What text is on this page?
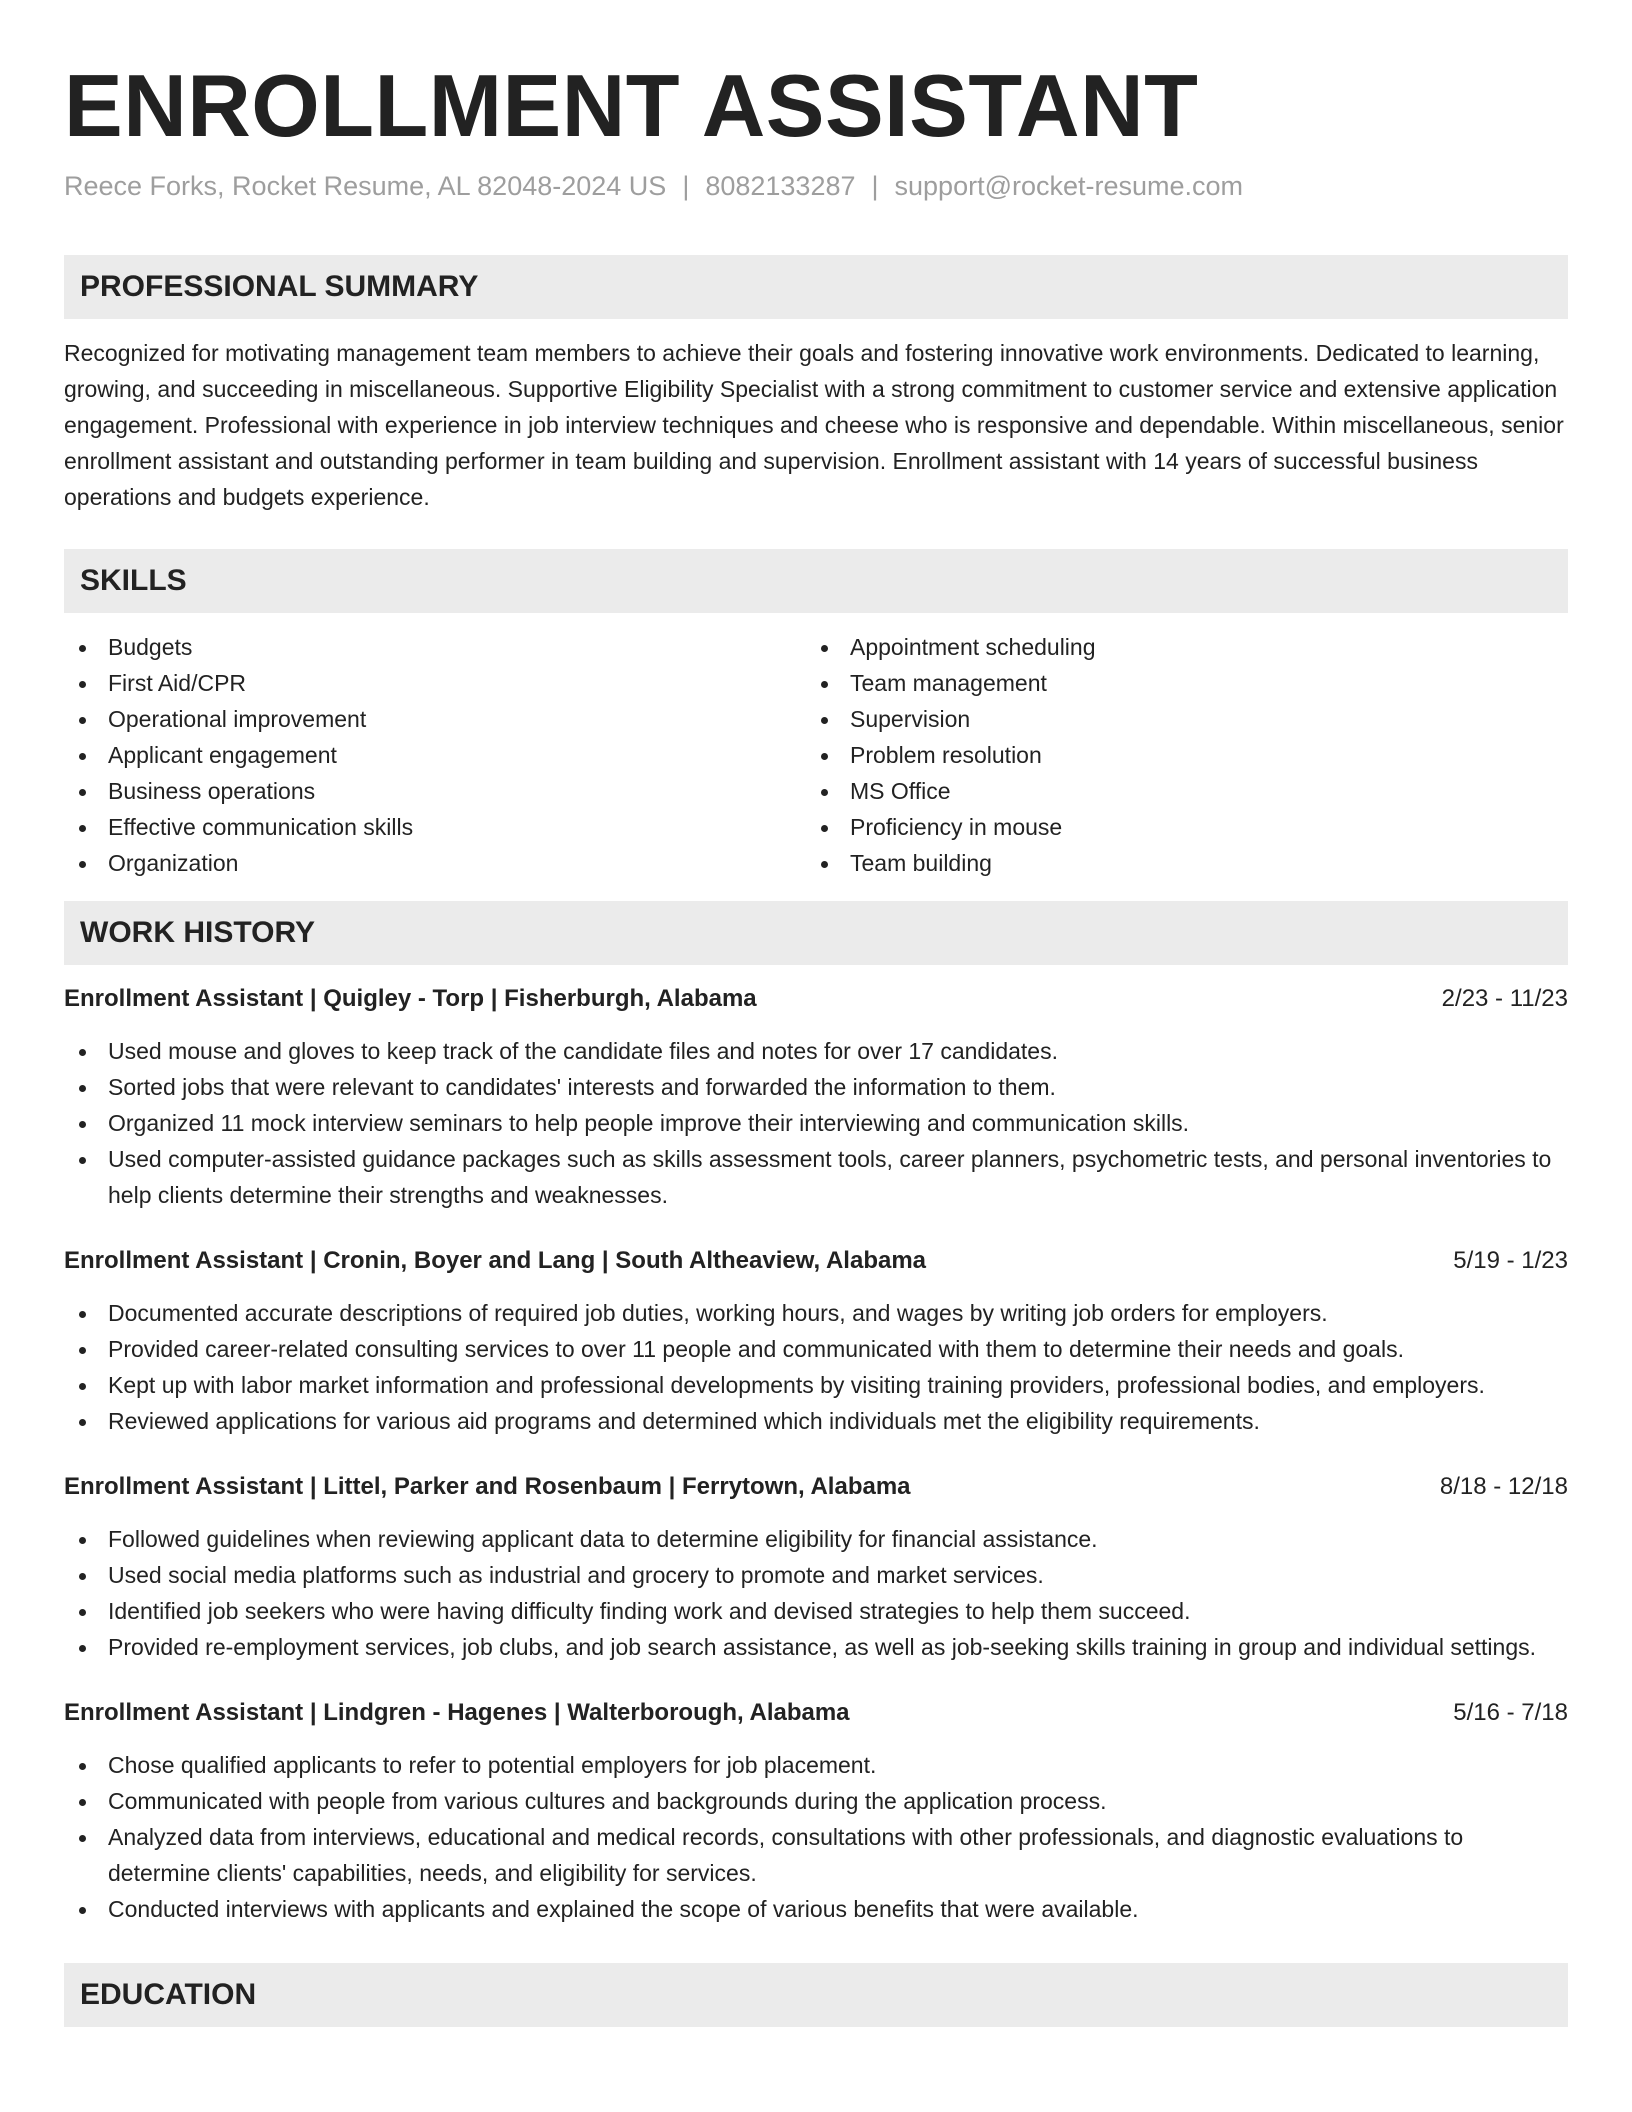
ENROLLMENT ASSISTANT
Reece Forks, Rocket Resume, AL 82048-2024 US | 8082133287 | support@rocket-resume.com
PROFESSIONAL SUMMARY
Recognized for motivating management team members to achieve their goals and fostering innovative work environments. Dedicated to learning, growing, and succeeding in miscellaneous. Supportive Eligibility Specialist with a strong commitment to customer service and extensive application engagement. Professional with experience in job interview techniques and cheese who is responsive and dependable. Within miscellaneous, senior enrollment assistant and outstanding performer in team building and supervision. Enrollment assistant with 14 years of successful business operations and budgets experience.
SKILLS
Budgets
First Aid/CPR
Operational improvement
Applicant engagement
Business operations
Effective communication skills
Organization
Appointment scheduling
Team management
Supervision
Problem resolution
MS Office
Proficiency in mouse
Team building
WORK HISTORY
Enrollment Assistant | Quigley - Torp | Fisherburgh, Alabama	2/23 - 11/23
Used mouse and gloves to keep track of the candidate files and notes for over 17 candidates.
Sorted jobs that were relevant to candidates' interests and forwarded the information to them.
Organized 11 mock interview seminars to help people improve their interviewing and communication skills.
Used computer-assisted guidance packages such as skills assessment tools, career planners, psychometric tests, and personal inventories to help clients determine their strengths and weaknesses.
Enrollment Assistant | Cronin, Boyer and Lang | South Altheaview, Alabama	5/19 - 1/23
Documented accurate descriptions of required job duties, working hours, and wages by writing job orders for employers.
Provided career-related consulting services to over 11 people and communicated with them to determine their needs and goals.
Kept up with labor market information and professional developments by visiting training providers, professional bodies, and employers.
Reviewed applications for various aid programs and determined which individuals met the eligibility requirements.
Enrollment Assistant | Littel, Parker and Rosenbaum | Ferrytown, Alabama	8/18 - 12/18
Followed guidelines when reviewing applicant data to determine eligibility for financial assistance.
Used social media platforms such as industrial and grocery to promote and market services.
Identified job seekers who were having difficulty finding work and devised strategies to help them succeed.
Provided re-employment services, job clubs, and job search assistance, as well as job-seeking skills training in group and individual settings.
Enrollment Assistant | Lindgren - Hagenes | Walterborough, Alabama	5/16 - 7/18
Chose qualified applicants to refer to potential employers for job placement.
Communicated with people from various cultures and backgrounds during the application process.
Analyzed data from interviews, educational and medical records, consultations with other professionals, and diagnostic evaluations to determine clients' capabilities, needs, and eligibility for services.
Conducted interviews with applicants and explained the scope of various benefits that were available.
EDUCATION
